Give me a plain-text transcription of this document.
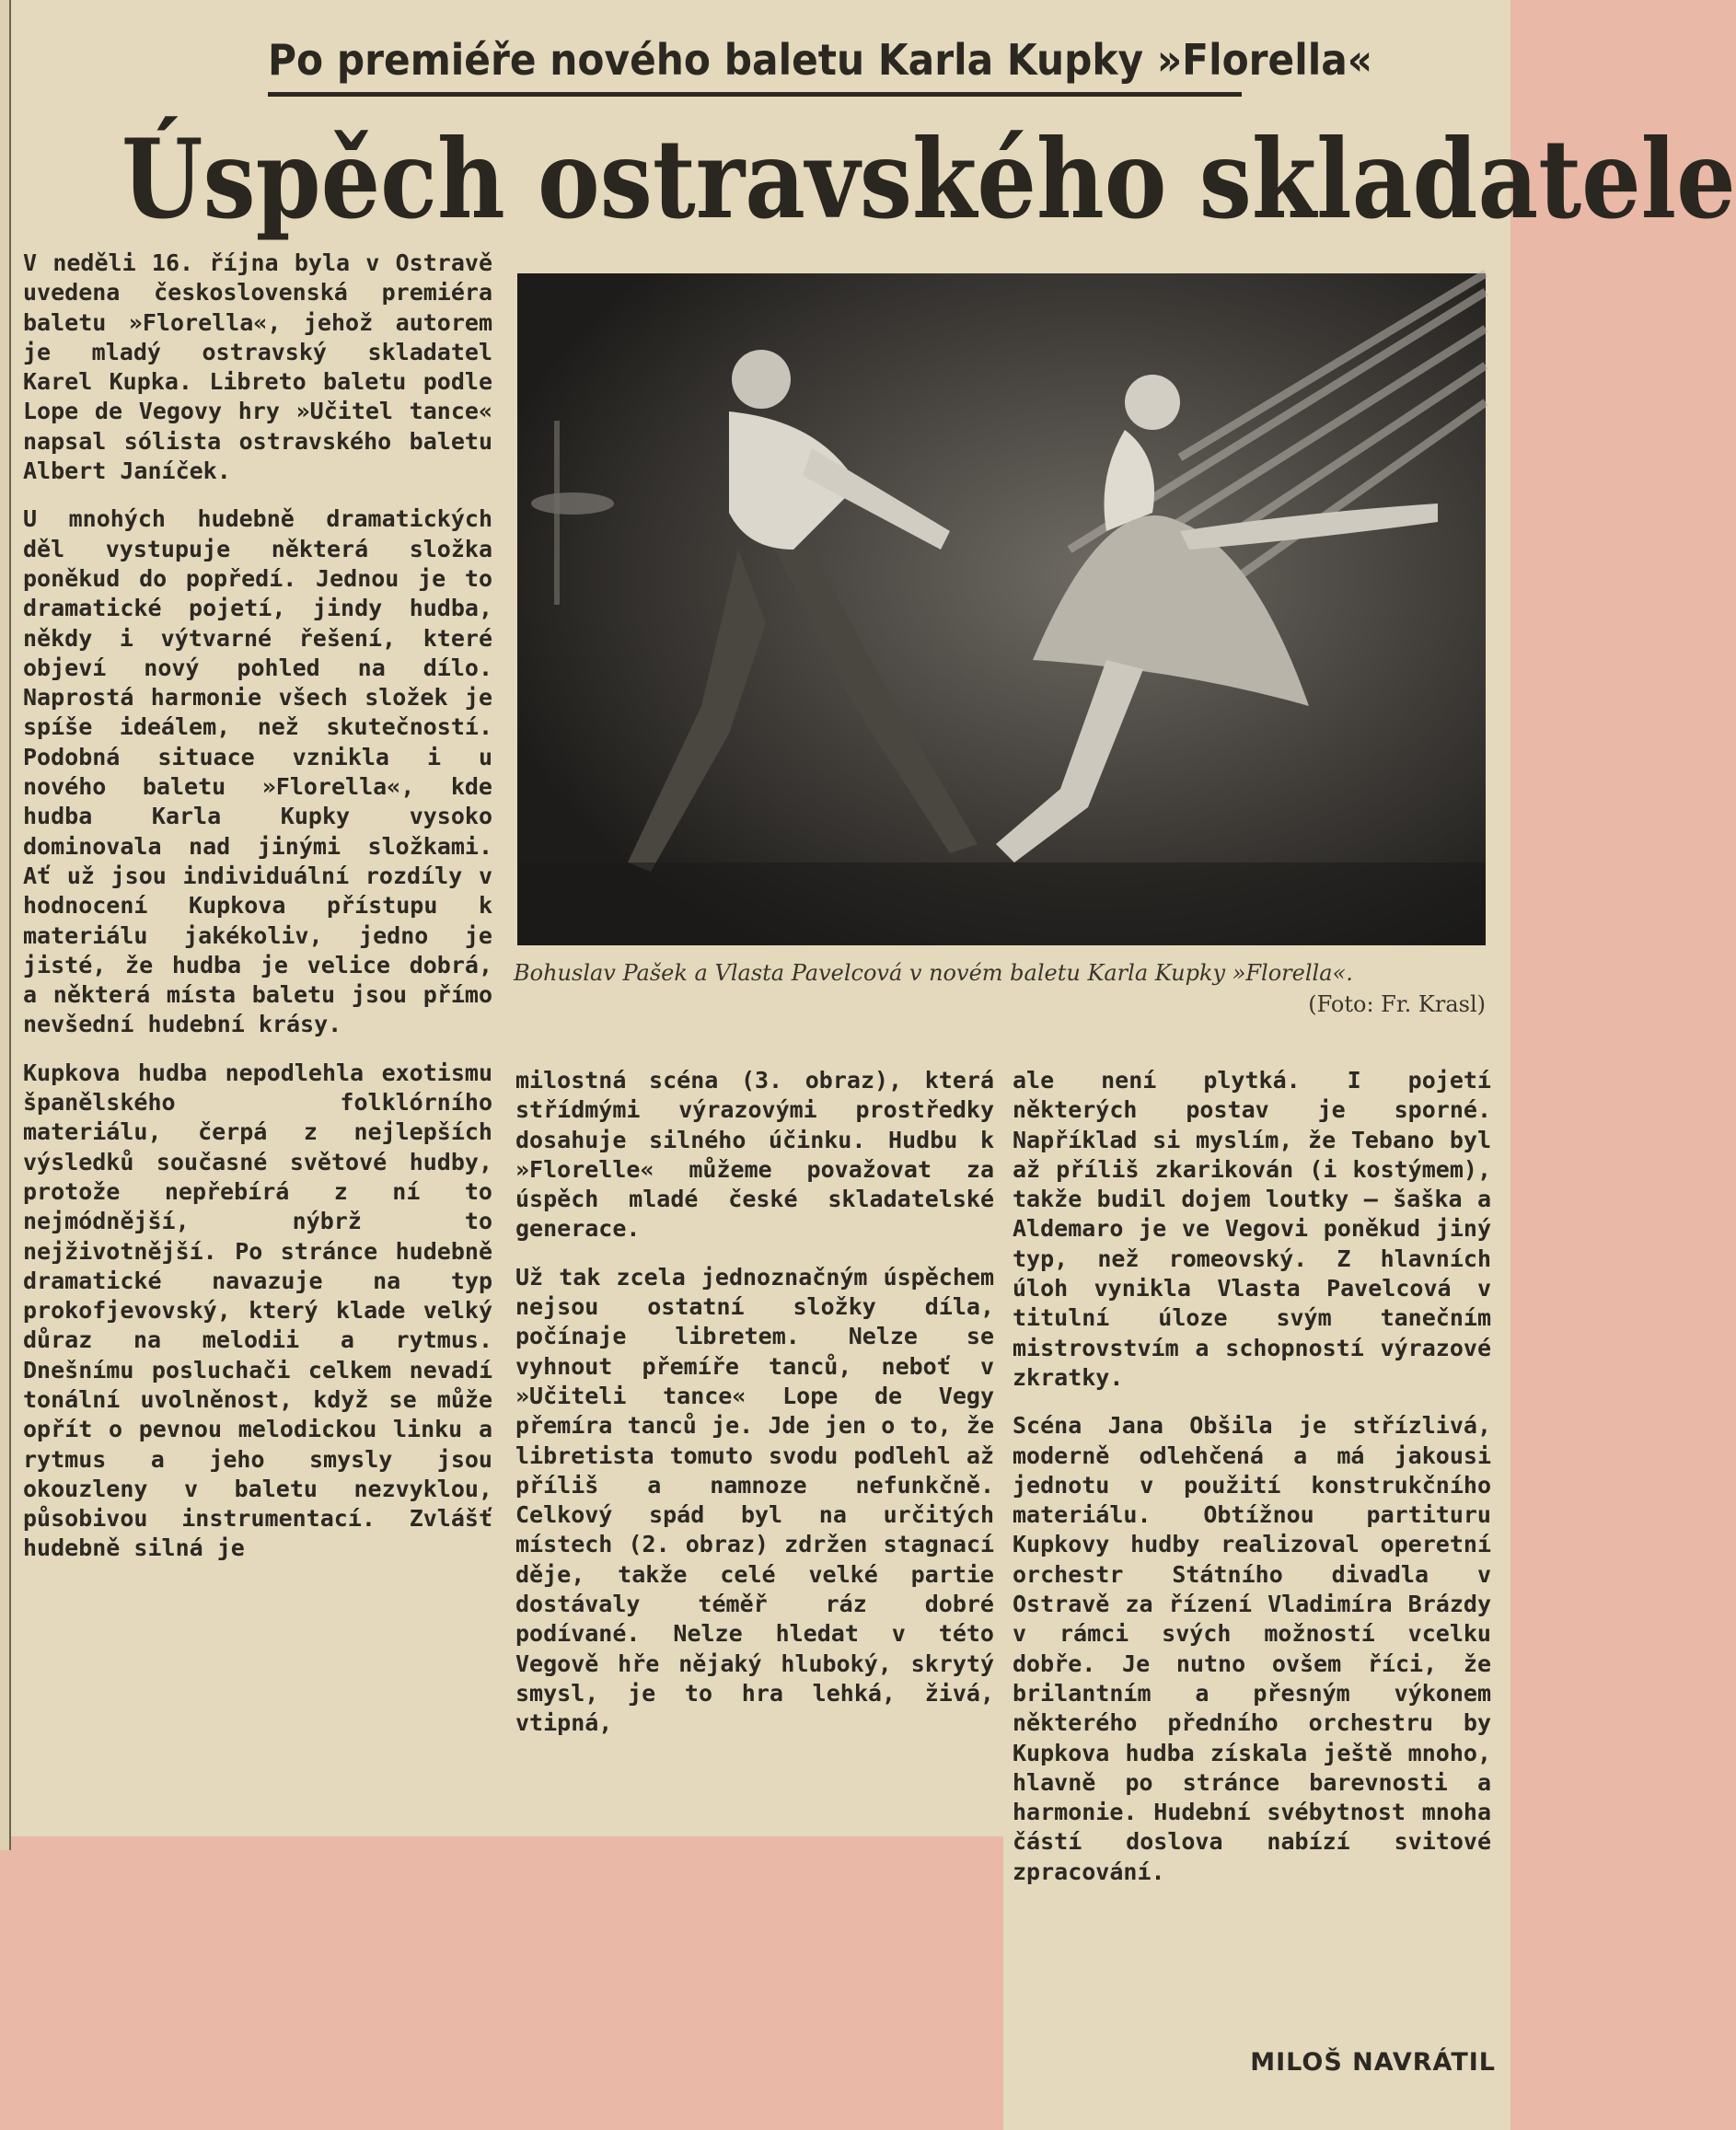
Po premiéře nového baletu Karla Kupky »Florella«
Úspěch ostravského skladatele

V neděli 16. října byla v Ostravě uvedena československá premiéra baletu »Florella«, jehož autorem je mladý ostravský skladatel Karel Kupka. Libreto baletu podle Lope de Vegovy hry »Učitel tance« napsal sólista ostravského baletu Albert Janíček.

U mnohých hudebně dramatických děl vystupuje některá složka poněkud do popředí. Jednou je to dramatické pojetí, jindy hudba, někdy i výtvarné řešení, které objeví nový pohled na dílo. Naprostá harmonie všech složek je spíše ideálem, než skutečností. Podobná situace vznikla i u nového baletu »Florella«, kde hudba Karla Kupky vysoko dominovala nad jinými složkami. Ať už jsou individuální rozdíly v hodnocení Kupkova přístupu k materiálu jakékoliv, jedno je jisté, že hudba je velice dobrá, a některá místa baletu jsou přímo nevšední hudební krásy.

Kupkova hudba nepodlehla exotismu španělského folklórního materiálu, čerpá z nejlepších výsledků současné světové hudby, protože nepřebírá z ní to nejmódnější, nýbrž to nejživotnější. Po stránce hudebně dramatické navazuje na typ prokofjevovský, který klade velký důraz na melodii a rytmus. Dnešnímu posluchači celkem nevadí tonální uvolněnost, když se může opřít o pevnou melodickou linku a rytmus a jeho smysly jsou okouzleny v baletu nezvyklou, působivou instrumentací. Zvlášť hudebně silná je

Bohuslav Pašek a Vlasta Pavelcová v novém baletu Karla Kupky »Florella«.
(Foto: Fr. Krasl)

milostná scéna (3. obraz), která střídmými výrazovými prostředky dosahuje silného účinku. Hudbu k »Florelle« můžeme považovat za úspěch mladé české skladatelské generace.

Už tak zcela jednoznačným úspěchem nejsou ostatní složky díla, počínaje libretem. Nelze se vyhnout přemíře tanců, neboť v »Učiteli tance« Lope de Vegy přemíra tanců je. Jde jen o to, že libretista tomuto svodu podlehl až příliš a namnoze nefunkčně. Celkový spád byl na určitých místech (2. obraz) zdržen stagnací děje, takže celé velké partie dostávaly téměř ráz dobré podívané. Nelze hledat v této Vegově hře nějaký hluboký, skrytý smysl, je to hra lehká, živá, vtipná,

ale není plytká. I pojetí některých postav je sporné. Například si myslím, že Tebano byl až příliš zkarikován (i kostýmem), takže budil dojem loutky — šaška a Aldemaro je ve Vegovi poněkud jiný typ, než romeovský. Z hlavních úloh vynikla Vlasta Pavelcová v titulní úloze svým tanečním mistrovstvím a schopností výrazové zkratky.

Scéna Jana Obšila je střízlivá, moderně odlehčená a má jakousi jednotu v použití konstrukčního materiálu. Obtížnou partituru Kupkovy hudby realizoval operetní orchestr Státního divadla v Ostravě za řízení Vladimíra Brázdy v rámci svých možností vcelku dobře. Je nutno ovšem říci, že brilantním a přesným výkonem některého předního orchestru by Kupkova hudba získala ještě mnoho, hlavně po stránce barevnosti a harmonie. Hudební svébytnost mnoha částí doslova nabízí svitové zpracování.

MILOŠ NAVRÁTIL
